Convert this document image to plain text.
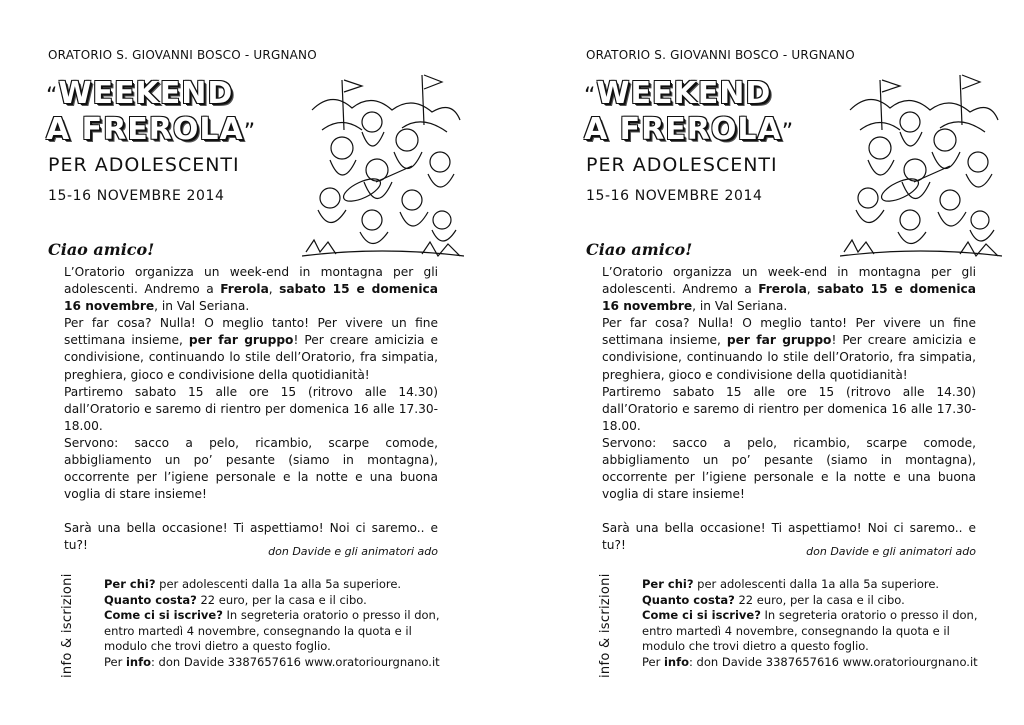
ORATORIO S. GIOVANNI BOSCO - URGNANO
“WEEKEND
A FREROLA”
PER ADOLESCENTI
15-16 NOVEMBRE 2014
Ciao amico!

L’Oratorio organizza un week-end in montagna per gli adolescenti. Andremo a Frerola, sabato 15 e domenica 16 novembre, in Val Seriana.

Per far cosa? Nulla! O meglio tanto! Per vivere un fine settimana insieme, per far gruppo! Per creare amicizia e condivisione, continuando lo stile dell’Oratorio, fra simpatia, preghiera, gioco e condivisione della quotidianità!

Partiremo sabato 15 alle ore 15 (ritrovo alle 14.30) dall’Oratorio e saremo di rientro per domenica 16 alle 17.30-18.00.

Servono: sacco a pelo, ricambio, scarpe comode, abbigliamento un po’ pesante (siamo in montagna), occorrente per l’igiene personale e la notte e una buona voglia di stare insieme!

Sarà una bella occasione! Ti aspettiamo! Noi ci saremo.. e tu?!	don Davide e gli animatori ado
info & iscrizioni	Per chi? per adolescenti dalla 1a alla 5a superiore.

Quanto costa? 22 euro, per la casa e il cibo.

Come ci si iscrive? In segreteria oratorio o presso il don, entro martedì 4 novembre, consegnando la quota e il modulo che trovi dietro a questo foglio.

Per info: don Davide 3387657616 www.oratoriourgnano.it

ORATORIO S. GIOVANNI BOSCO - URGNANO
“WEEKEND
A FREROLA”
PER ADOLESCENTI
15-16 NOVEMBRE 2014
Ciao amico!

L’Oratorio organizza un week-end in montagna per gli adolescenti. Andremo a Frerola, sabato 15 e domenica 16 novembre, in Val Seriana.

Per far cosa? Nulla! O meglio tanto! Per vivere un fine settimana insieme, per far gruppo! Per creare amicizia e condivisione, continuando lo stile dell’Oratorio, fra simpatia, preghiera, gioco e condivisione della quotidianità!

Partiremo sabato 15 alle ore 15 (ritrovo alle 14.30) dall’Oratorio e saremo di rientro per domenica 16 alle 17.30-18.00.

Servono: sacco a pelo, ricambio, scarpe comode, abbigliamento un po’ pesante (siamo in montagna), occorrente per l’igiene personale e la notte e una buona voglia di stare insieme!

Sarà una bella occasione! Ti aspettiamo! Noi ci saremo.. e tu?!	don Davide e gli animatori ado
info & iscrizioni	Per chi? per adolescenti dalla 1a alla 5a superiore.

Quanto costa? 22 euro, per la casa e il cibo.

Come ci si iscrive? In segreteria oratorio o presso il don, entro martedì 4 novembre, consegnando la quota e il modulo che trovi dietro a questo foglio.

Per info: don Davide 3387657616 www.oratoriourgnano.it
